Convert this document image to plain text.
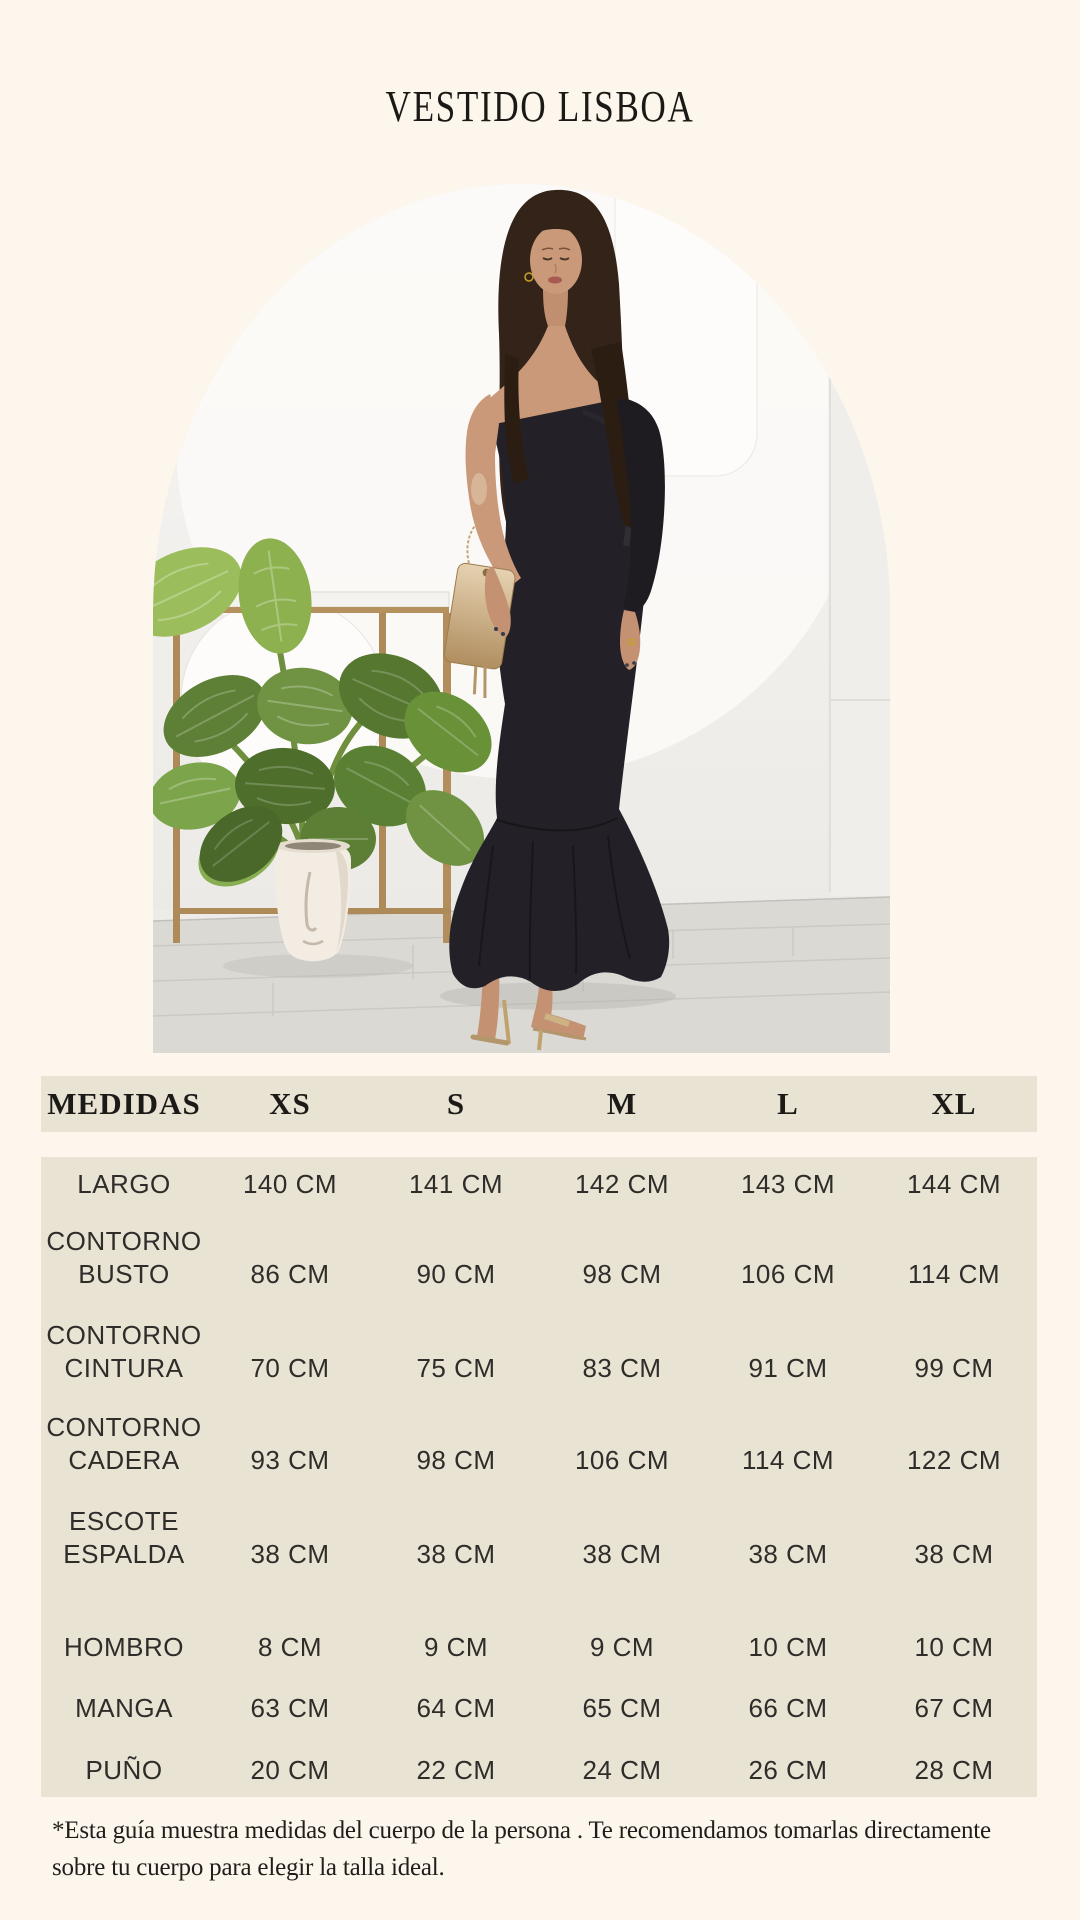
VESTIDO LISBOA
MEDIDAS	XS	S	M	L	XL
LARGO	140 CM	141 CM	142 CM	143 CM	144 CM
CONTORNO
BUSTO	86 CM	90 CM	98 CM	106 CM	114 CM
CONTORNO
CINTURA	70 CM	75 CM	83 CM	91 CM	99 CM
CONTORNO
CADERA	93 CM	98 CM	106 CM	114 CM	122 CM
ESCOTE
ESPALDA	38 CM	38 CM	38 CM	38 CM	38 CM
HOMBRO	8 CM	9 CM	9 CM	10 CM	10 CM
MANGA	63 CM	64 CM	65 CM	66 CM	67 CM
PUÑO	20 CM	22 CM	24 CM	26 CM	28 CM
*Esta guía muestra medidas del cuerpo de la persona . Te recomendamos tomarlas directamente
sobre tu cuerpo para elegir la talla ideal.
